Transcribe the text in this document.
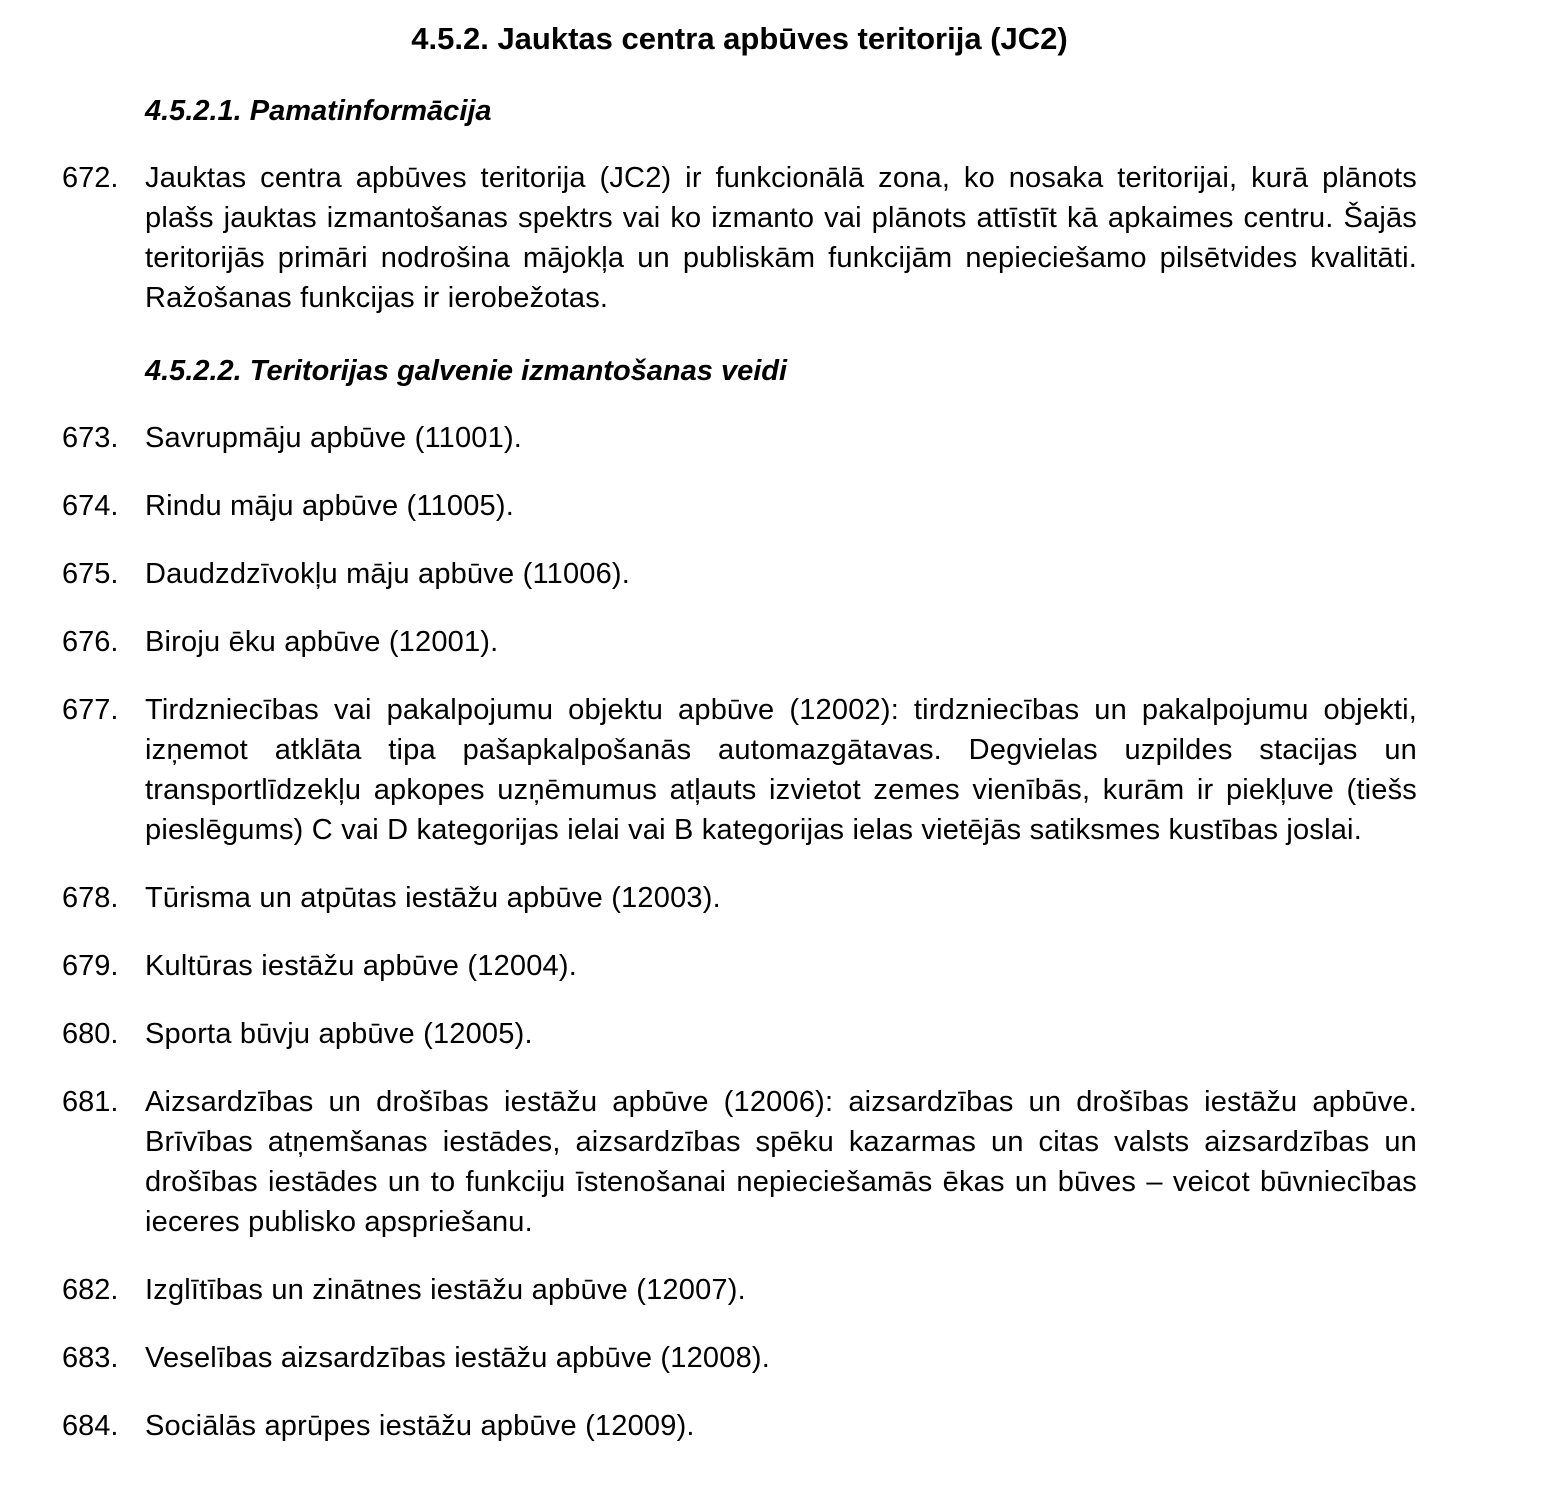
4.5.2. Jauktas centra apbūves teritorija (JC2)
4.5.2.1. Pamatinformācija
672. Jauktas centra apbūves teritorija (JC2) ir funkcionālā zona, ko nosaka teritorijai, kurā plānots plašs jauktas izmantošanas spektrs vai ko izmanto vai plānots attīstīt kā apkaimes centru. Šajās teritorijās primāri nodrošina mājokļa un publiskām funkcijām nepieciešamo pilsētvides kvalitāti. Ražošanas funkcijas ir ierobežotas.
4.5.2.2. Teritorijas galvenie izmantošanas veidi
673. Savrupmāju apbūve (11001).
674. Rindu māju apbūve (11005).
675. Daudzdzīvokļu māju apbūve (11006).
676. Biroju ēku apbūve (12001).
677. Tirdzniecības vai pakalpojumu objektu apbūve (12002): tirdzniecības un pakalpojumu objekti, izņemot atklāta tipa pašapkalpošanās automazgātavas. Degvielas uzpildes stacijas un transportlīdzekļu apkopes uzņēmumus atļauts izvietot zemes vienībās, kurām ir piekļuve (tiešs pieslēgums) C vai D kategorijas ielai vai B kategorijas ielas vietējās satiksmes kustības joslai.
678. Tūrisma un atpūtas iestāžu apbūve (12003).
679. Kultūras iestāžu apbūve (12004).
680. Sporta būvju apbūve (12005).
681. Aizsardzības un drošības iestāžu apbūve (12006): aizsardzības un drošības iestāžu apbūve. Brīvības atņemšanas iestādes, aizsardzības spēku kazarmas un citas valsts aizsardzības un drošības iestādes un to funkciju īstenošanai nepieciešamās ēkas un būves – veicot būvniecības ieceres publisko apspriešanu.
682. Izglītības un zinātnes iestāžu apbūve (12007).
683. Veselības aizsardzības iestāžu apbūve (12008).
684. Sociālās aprūpes iestāžu apbūve (12009).
